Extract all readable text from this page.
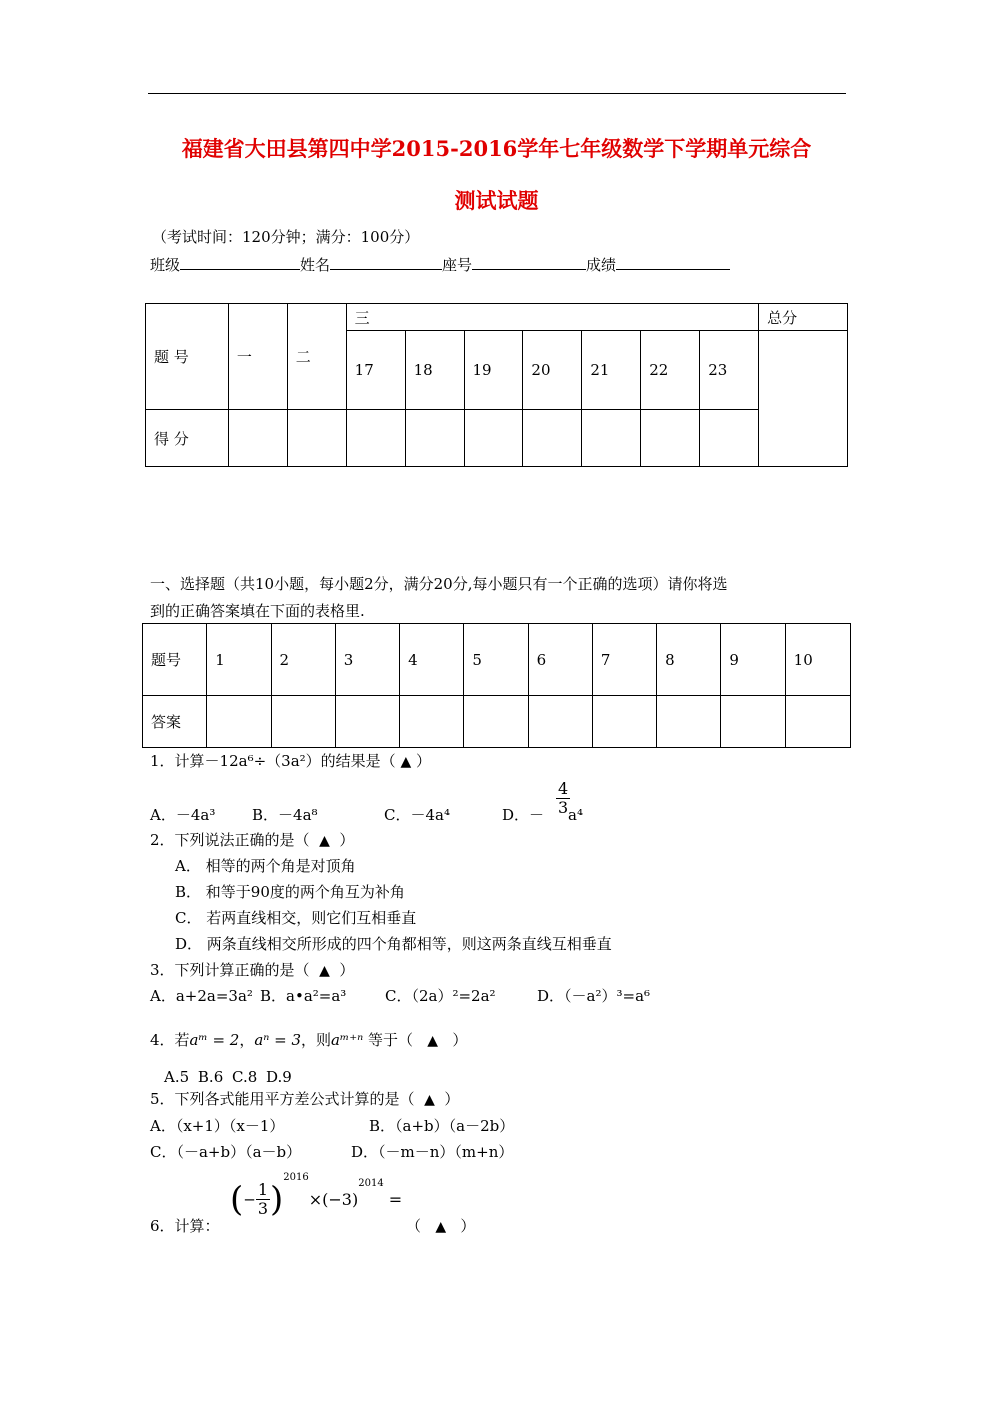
福建省大田县第四中学2015-2016学年七年级数学下学期单元综合
测试试题
（考试时间：120分钟；满分：100分）
班级	姓名	座号	成绩
题 号	一	二	三							总分
			17	18	19	20	21	22	23	
得 分										
一、选择题（共10小题，每小题2分，满分20分,每小题只有一个正确的选项）请你将选
到的正确答案填在下面的表格里.
题号	1	2	3	4	5	6	7	8	9	10
答案										
1．计算－12a⁶÷（3a²）的结果是（ ▲ ）
A．－4a³ B．－4a⁸	C．－4a⁴	D．－ $\frac{4}{3}$
a⁴
2．下列说法正确的是（ ▲  ）
A． 相等的两个角是对顶角
B． 和等于90度的两个角互为补角
C． 若两直线相交，则它们互相垂直
D． 两条直线相交所形成的四个角都相等，则这两条直线互相垂直
3．下列计算正确的是（ ▲  ）
A．a+2a=3a² B．a•a²=a³	C．（2a）²=2a²	D．（－a²）³=a⁶
4．若aᵐ = 2，aⁿ = 3，则aᵐ⁺ⁿ 等于（ ▲   ）
A.5 B.6 C.8 D.9
5．下列各式能用平方差公式计算的是（ ▲  ）
A．（x+1）（x－1）	B．（a+b）（a－2b）
C．（－a+b）（a－b）	D．（－m－n）（m+n）
6．计算：
(− $\frac{1}{3} )^{2016}\times(-3)^{2014}$ =
（   ▲   ）
